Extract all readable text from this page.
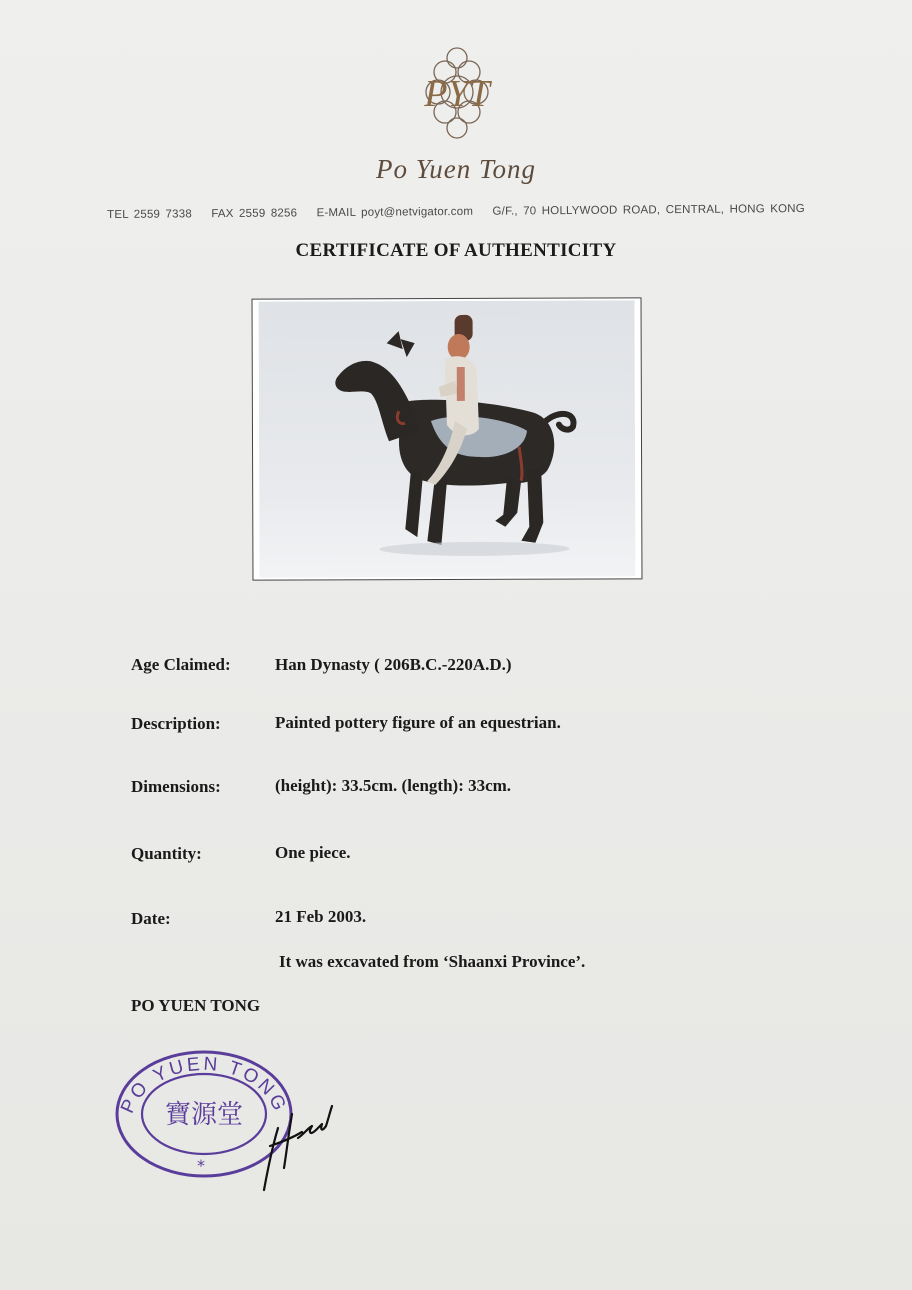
PYT
Po Yuen Tong
TEL 2559 7338 FAX 2559 8256 E-MAIL poyt@netvigator.com G/F., 70 HOLLYWOOD ROAD, CENTRAL, HONG KONG
CERTIFICATE OF AUTHENTICITY
Age Claimed:	Han Dynasty ( 206B.C.-220A.D.)
Description:	Painted pottery figure of an equestrian.
Dimensions:	(height): 33.5cm. (length): 33cm.
Quantity:	One piece.
Date:	21 Feb 2003.
It was excavated from ‘Shaanxi Province’.
PO YUEN TONG
PO YUEN TONG
寶源堂
*
